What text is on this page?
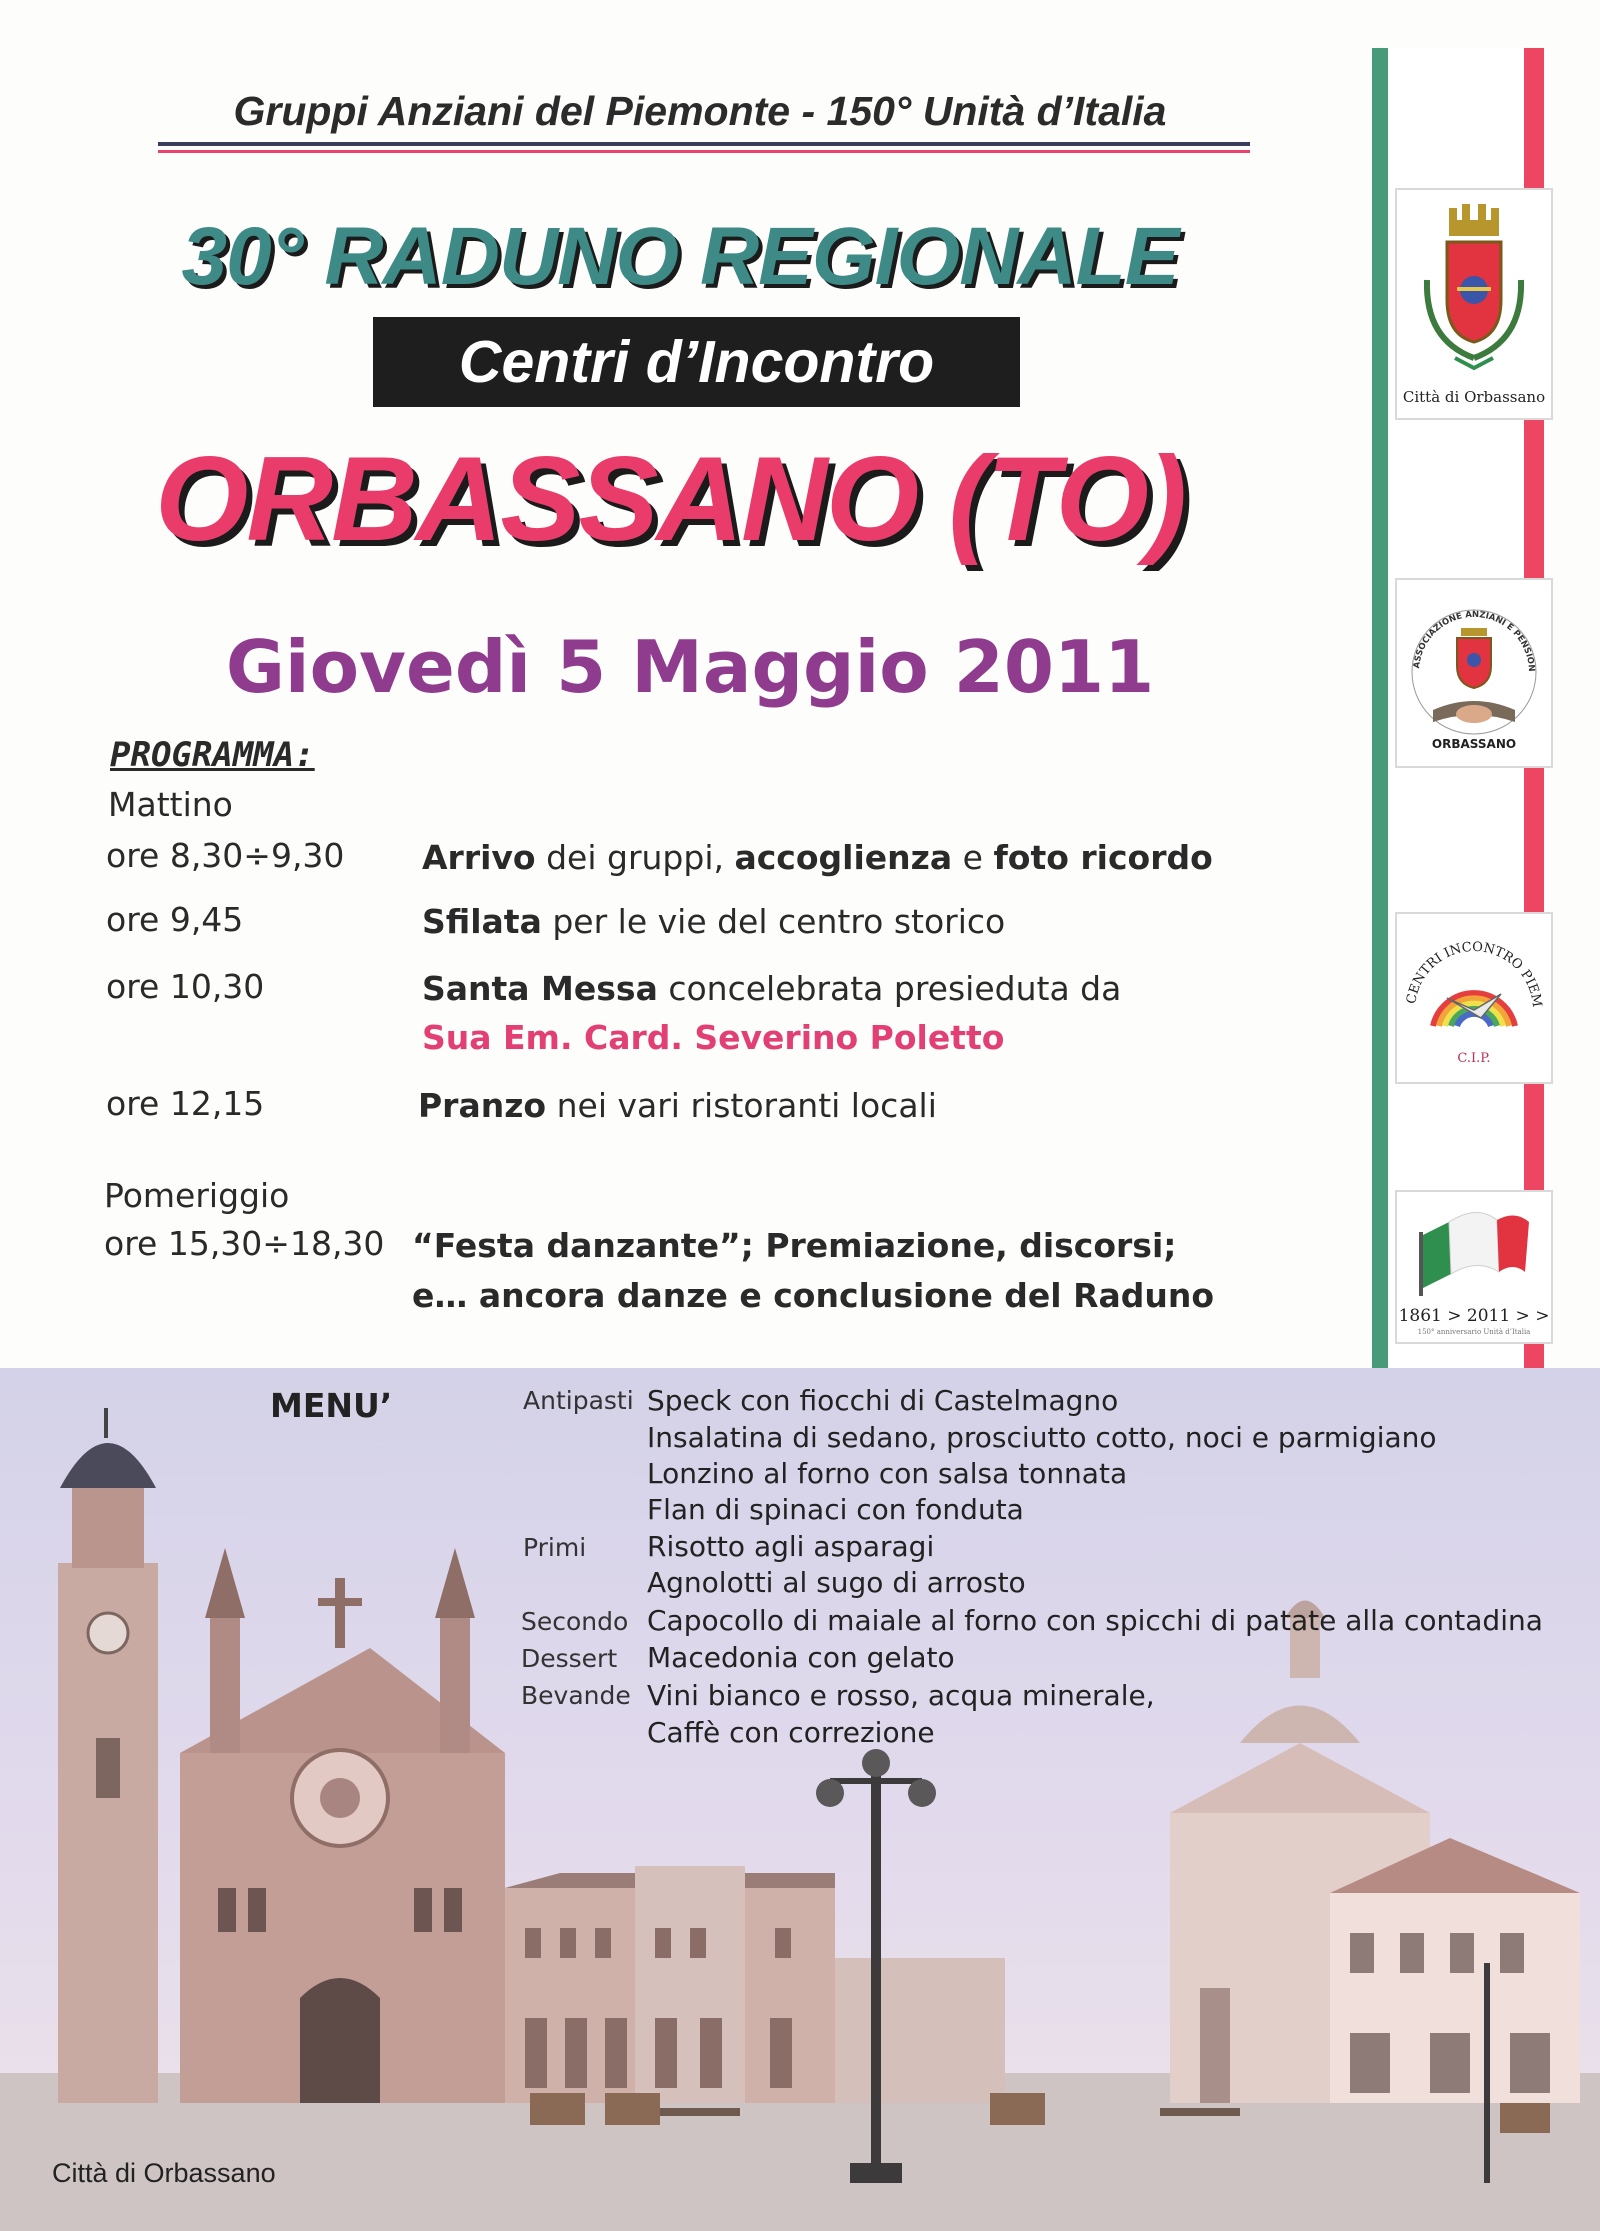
Gruppi Anziani del Piemonte - 150° Unità d’Italia
30° RADUNO REGIONALE
Centri d’Incontro
ORBASSANO (TO)
Giovedì 5 Maggio 2011
PROGRAMMA:
Mattino
ore 8,30÷9,30 Arrivo dei gruppi, accoglienza e foto ricordo
ore 9,45	Sfilata per le vie del centro storico
ore 10,30	Santa Messa concelebrata presieduta da
Sua Em. Card. Severino Poletto
ore 12,15	Pranzo nei vari ristoranti locali
Pomeriggio
ore 15,30÷18,30 “Festa danzante”; Premiazione, discorsi;
e… ancora danze e conclusione del Raduno
Città di Orbassano
ASSOCIAZIONE ANZIANI E PENSION
ORBASSANO
CENTRI INCONTRO PIEM
C.I.P.
1861 > 2011 > >
150° anniversario Unità d’Italia
MENU’	Antipasti Speck con fiocchi di Castelmagno
Insalatina di sedano, prosciutto cotto, noci e parmigiano
Lonzino al forno con salsa tonnata
Flan di spinaci con fonduta
Primi Risotto agli asparagi
Agnolotti al sugo di arrosto
Secondo Capocollo di maiale al forno con spicchi di patate alla contadina
Dessert Macedonia con gelato
Bevande Vini bianco e rosso, acqua minerale,
Caffè con correzione
Città di Orbassano
